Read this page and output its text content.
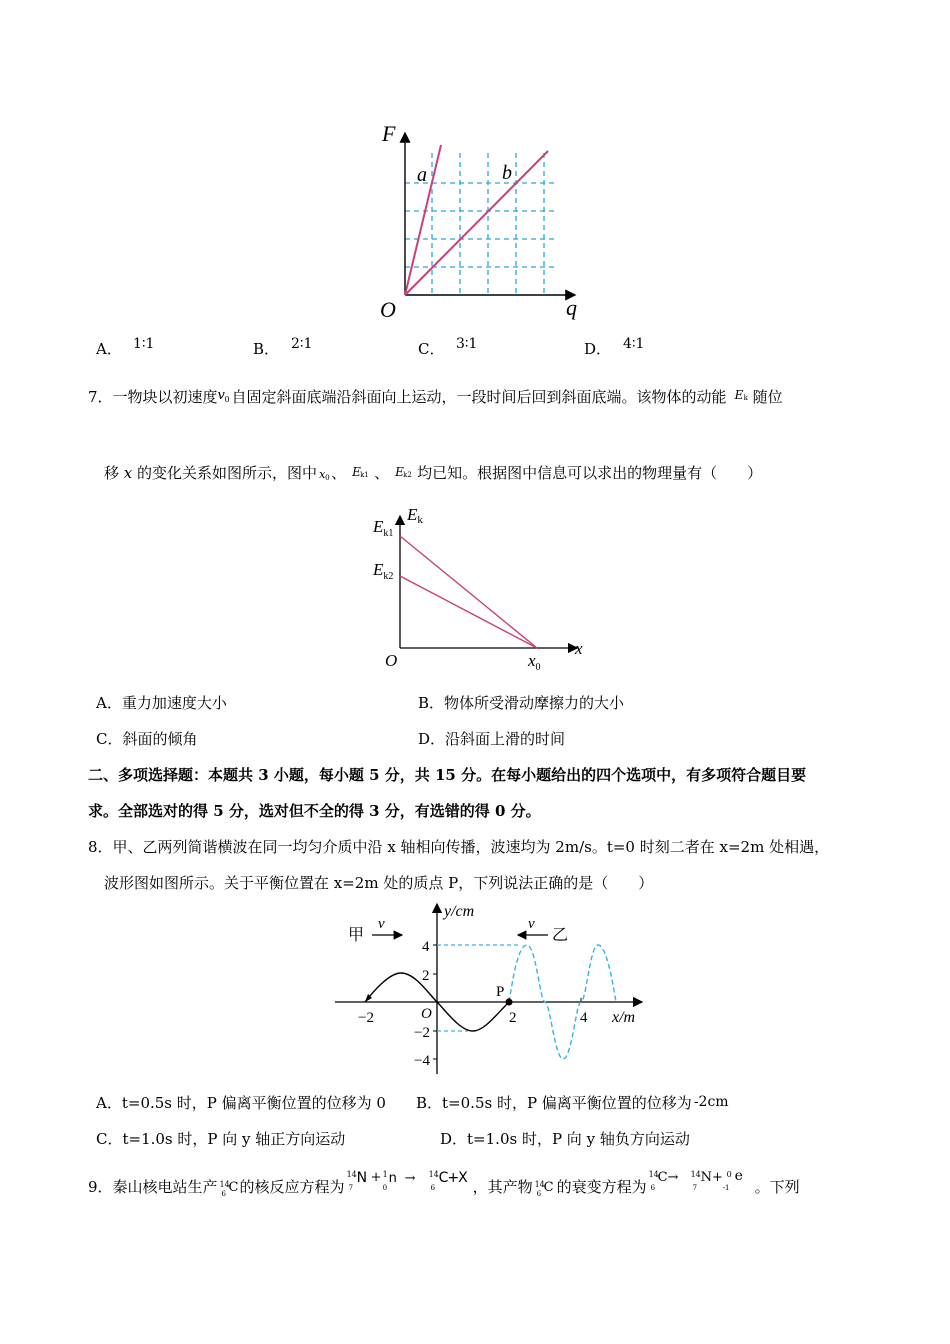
F
q
O
a	b
A． 1∶1	B． 2∶1	C． 3∶1	D． 4∶1
7．一物块以初速度 v 0 自固定斜面底端沿斜面向上运动，一段时间后回到斜面底端。该物体的动能 E k 随位
移 x 的变化关系如图所示，图中 x 0 、 E k1 、 E k2 均已知。根据图中信息可以求出的物理量有（　　）
Ek
$E_{k1}$
$E_{k2}$
O	$x_0$
x
A．重力加速度大小	B．物体所受滑动摩擦力的大小
C．斜面的倾角	D．沿斜面上滑的时间
二、多项选择题：本题共 3 小题，每小题 5 分，共 15 分。在每小题给出的四个选项中，有多项符合题目要
求。全部选对的得 5 分，选对但不全的得 3 分，有选错的得 0 分。
8．甲、乙两列简谐横波在同一均匀介质中沿 x 轴相向传播，波速均为 2m/s。t=0 时刻二者在 x=2m 处相遇，
波形图如图所示。关于平衡位置在 x=2m 处的质点 P，下列说法正确的是（　　）
4
2
−2
−4
−2	2	4
O
P
y/cm
x/m
甲
v	v
乙
A．t=0.5s 时，P 偏离平衡位置的位移为 0 B．t=0.5s 时，P 偏离平衡位置的位移为 -2cm
C．t=1.0s 时，P 向 y 轴正方向运动	D．t=1.0s 时，P 向 y 轴负方向运动
9．秦山核电站生产 14
6 C 的核反应方程为
14
7
N + 1
0
n → 14
6
C+X ，其产物 14
6 C 的衰变方程为
14
6
C→ 14
7
N+ 0
-1
e
。下列
